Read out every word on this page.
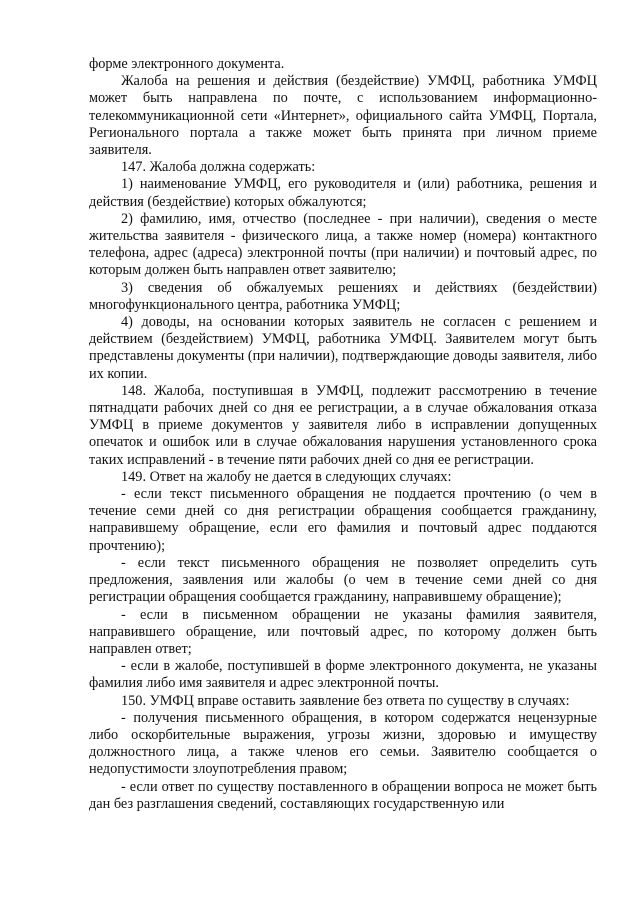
форме электронного документа.

Жалоба на решения и действия (бездействие) УМФЦ, работника УМФЦ может быть направлена по почте, с использованием информационно-телекоммуникационной сети «Интернет», официального сайта УМФЦ, Портала, Регионального портала а также может быть принята при личном приеме заявителя.

147. Жалоба должна содержать:

1) наименование УМФЦ, его руководителя и (или) работника, решения и действия (бездействие) которых обжалуются;

2) фамилию, имя, отчество (последнее - при наличии), сведения о месте жительства заявителя - физического лица, а также номер (номера) контактного телефона, адрес (адреса) электронной почты (при наличии) и почтовый адрес, по которым должен быть направлен ответ заявителю;

3) сведения об обжалуемых решениях и действиях (бездействии) многофункционального центра, работника УМФЦ;

4) доводы, на основании которых заявитель не согласен с решением и действием (бездействием) УМФЦ, работника УМФЦ. Заявителем могут быть представлены документы (при наличии), подтверждающие доводы заявителя, либо их копии.

148. Жалоба, поступившая в УМФЦ, подлежит рассмотрению в течение пятнадцати рабочих дней со дня ее регистрации, а в случае обжалования отказа УМФЦ в приеме документов у заявителя либо в исправлении допущенных опечаток и ошибок или в случае обжалования нарушения установленного срока таких исправлений - в течение пяти рабочих дней со дня ее регистрации.

149. Ответ на жалобу не дается в следующих случаях:

- если текст письменного обращения не поддается прочтению (о чем в течение семи дней со дня регистрации обращения сообщается гражданину, направившему обращение, если его фамилия и почтовый адрес поддаются прочтению);

- если текст письменного обращения не позволяет определить суть предложения, заявления или жалобы (о чем в течение семи дней со дня регистрации обращения сообщается гражданину, направившему обращение);

- если в письменном обращении не указаны фамилия заявителя, направившего обращение, или почтовый адрес, по которому должен быть направлен ответ;

- если в жалобе, поступившей в форме электронного документа, не указаны фамилия либо имя заявителя и адрес электронной почты.

150. УМФЦ вправе оставить заявление без ответа по существу в случаях:

- получения письменного обращения, в котором содержатся нецензурные либо оскорбительные выражения, угрозы жизни, здоровью и имуществу должностного лица, а также членов его семьи. Заявителю сообщается о недопустимости злоупотребления правом;

- если ответ по существу поставленного в обращении вопроса не может быть дан без разглашения сведений, составляющих государственную или
